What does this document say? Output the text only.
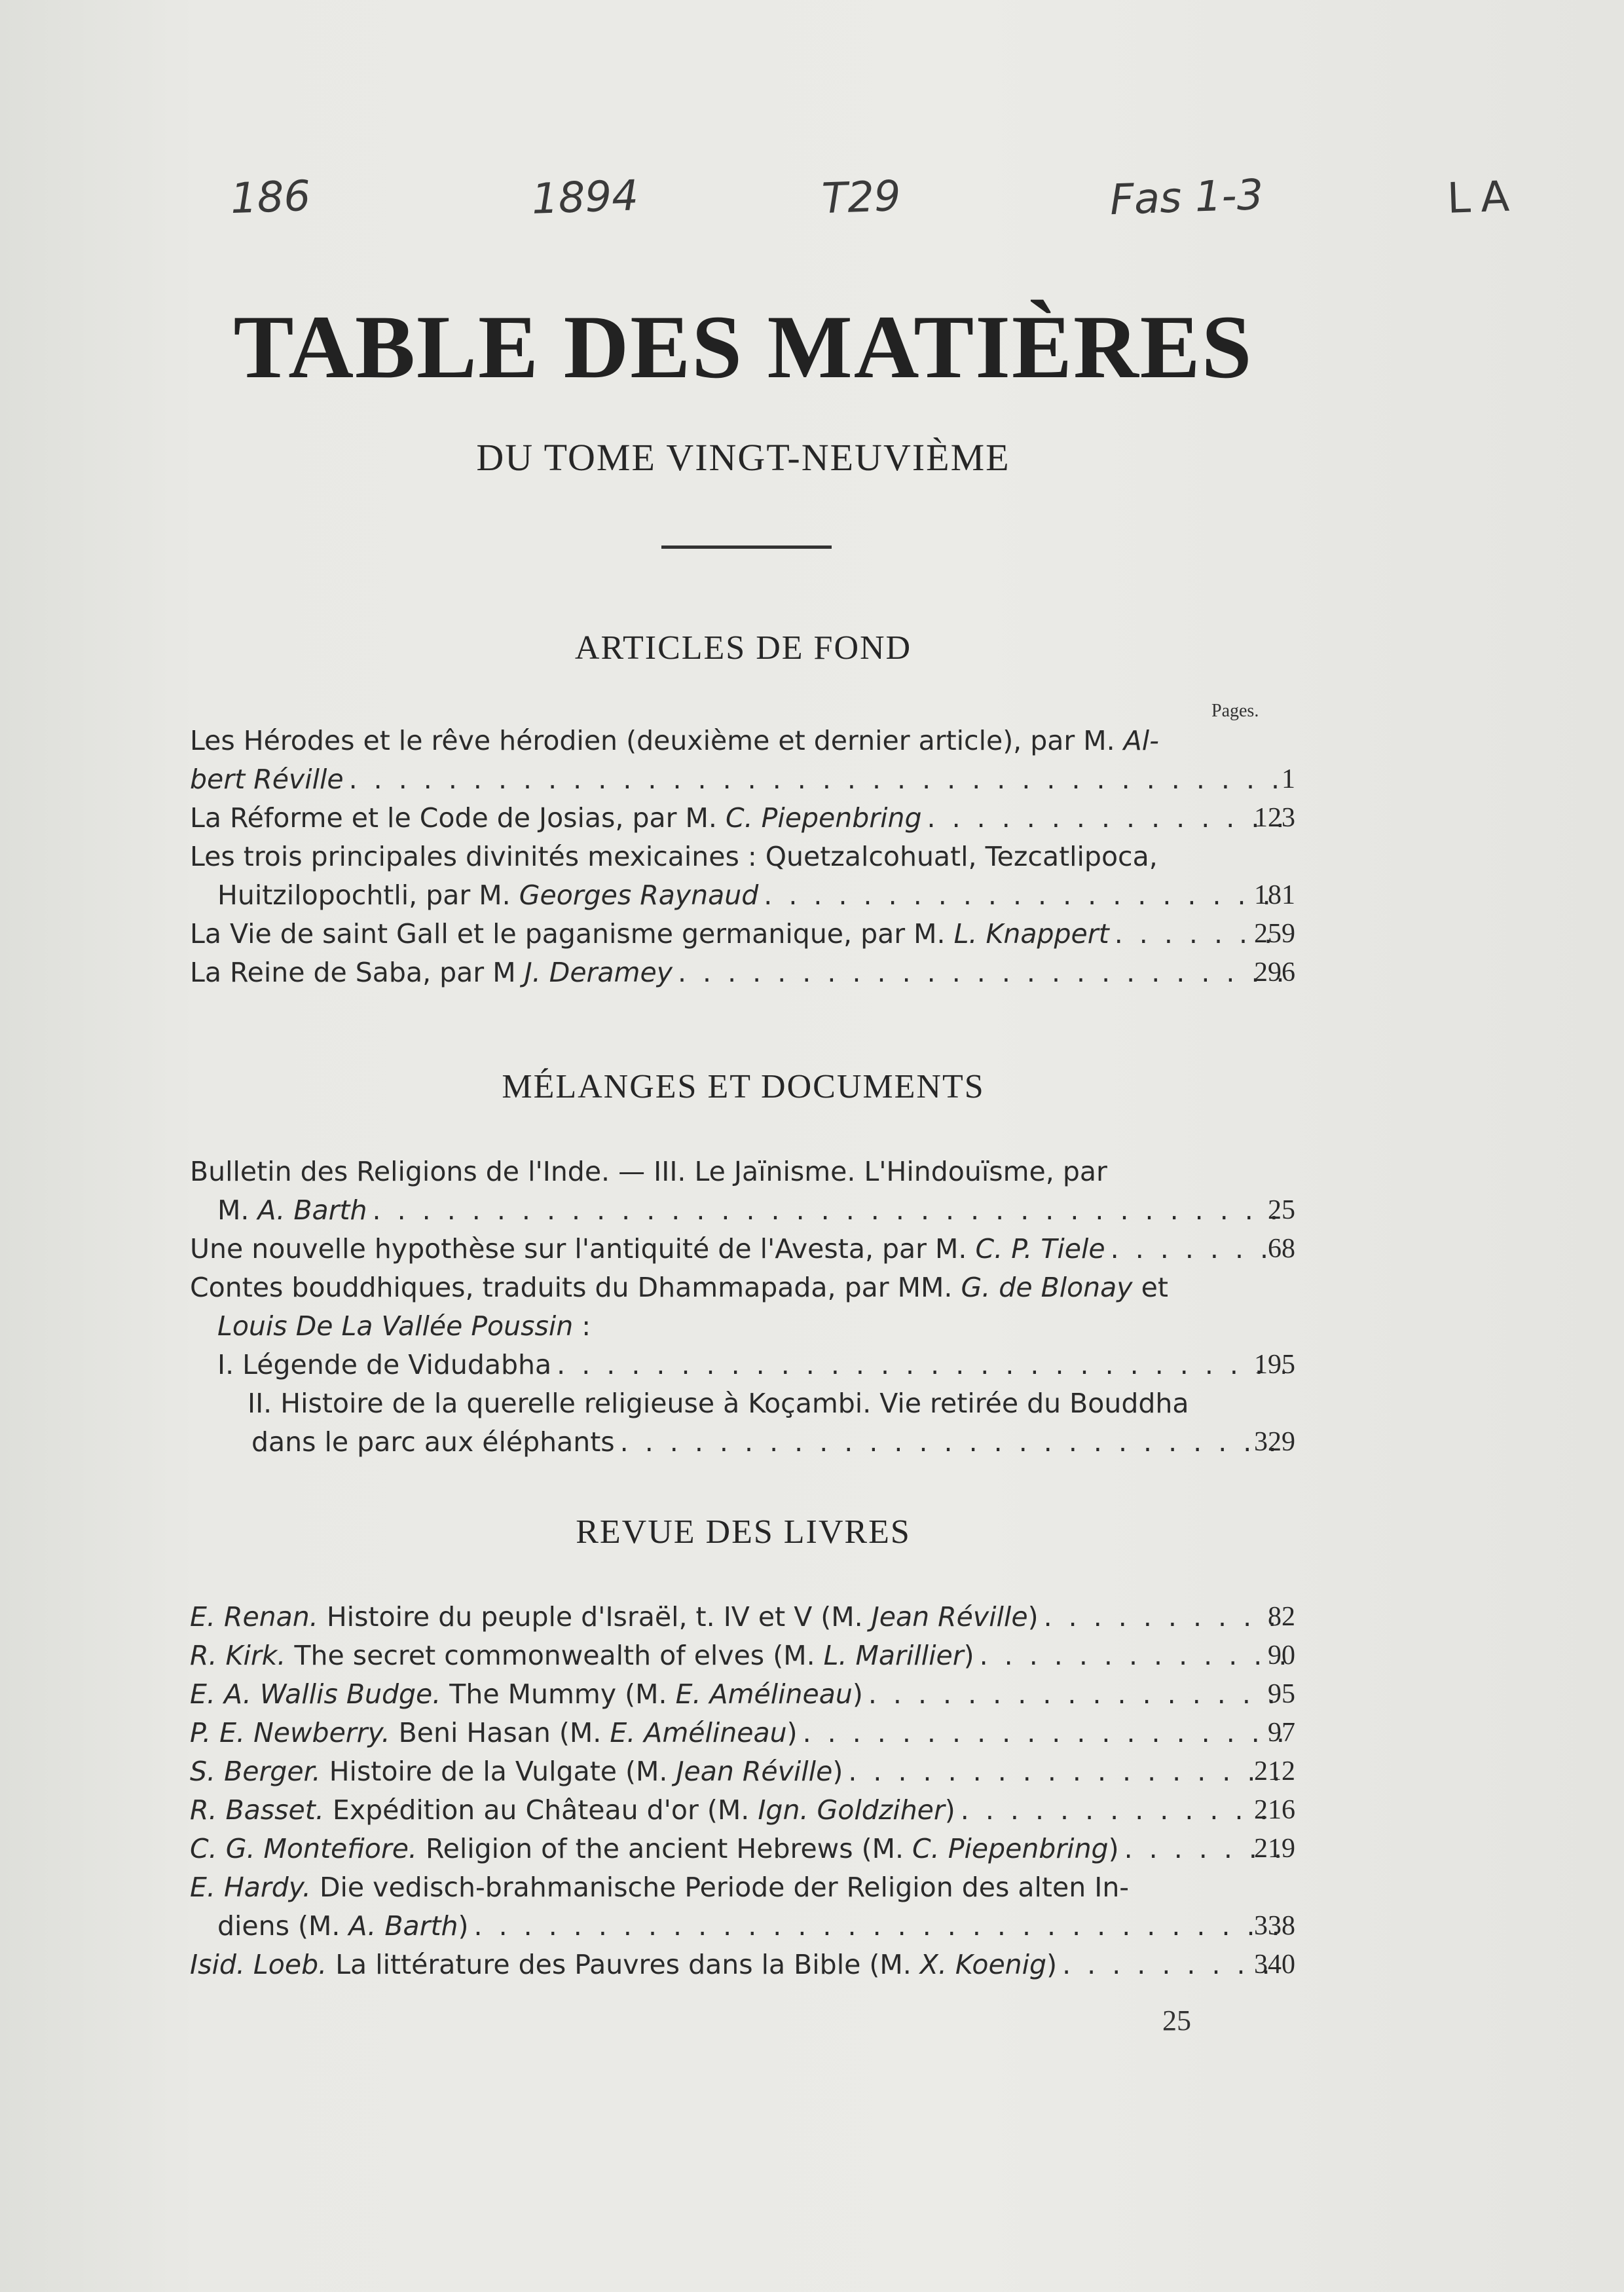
186	1894	T29	Fas 1-3	LA
TABLE DES MATIÈRES
DU TOME VINGT-NEUVIÈME
ARTICLES DE FOND
Pages.
Les Hérodes et le rêve hérodien (deuxième et dernier article), par M. Al-
bert Réville . . .	1
La Réforme et le Code de Josias, par M. C. Piepenbring . . .	123
Les trois principales divinités mexicaines : Quetzalcohuatl, Tezcatlipoca,
Huitzilopochtli, par M. Georges Raynaud . . .	181
La Vie de saint Gall et le paganisme germanique, par M. L. Knappert . . .	259
La Reine de Saba, par M J. Deramey . . .	296
MÉLANGES ET DOCUMENTS
Bulletin des Religions de l'Inde. — III. Le Jaïnisme. L'Hindouïsme, par
M. A. Barth . . .	25
Une nouvelle hypothèse sur l'antiquité de l'Avesta, par M. C. P. Tiele . . .	68
Contes bouddhiques, traduits du Dhammapada, par MM. G. de Blonay et
Louis De La Vallée Poussin :
I. Légende de Vidudabha . . .	195
II. Histoire de la querelle religieuse à Koçambi. Vie retirée du Bouddha
dans le parc aux éléphants . . .	329
REVUE DES LIVRES
E. Renan. Histoire du peuple d'Israël, t. IV et V (M. Jean Réville) . . .	82
R. Kirk. The secret commonwealth of elves (M. L. Marillier) . . .	90
E. A. Wallis Budge. The Mummy (M. E. Amélineau) . . .	95
P. E. Newberry. Beni Hasan (M. E. Amélineau) . . .	97
S. Berger. Histoire de la Vulgate (M. Jean Réville) . . .	212
R. Basset. Expédition au Château d'or (M. Ign. Goldziher) . . .	216
C. G. Montefiore. Religion of the ancient Hebrews (M. C. Piepenbring) . . .	219
E. Hardy. Die vedisch-brahmanische Periode der Religion des alten In-
diens (M. A. Barth) . . .	338
Isid. Loeb. La littérature des Pauvres dans la Bible (M. X. Koenig) . . .	340
25
